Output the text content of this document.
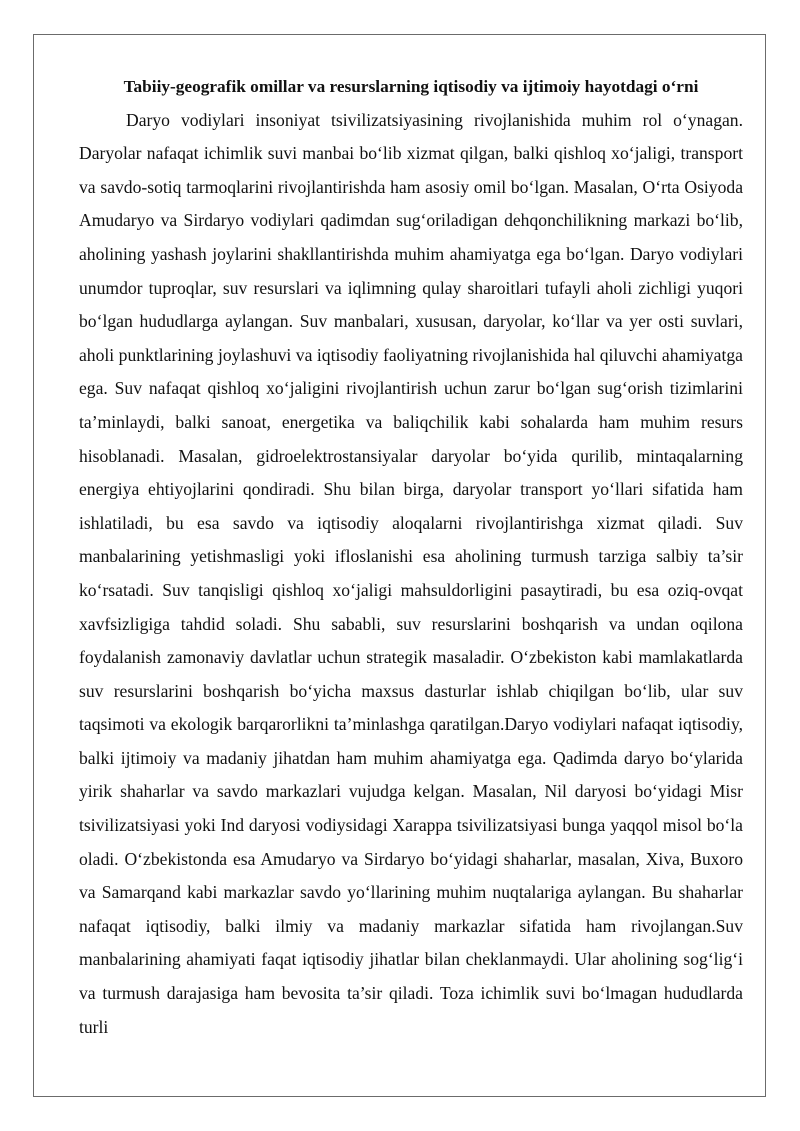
Tabiiy-geografik omillar va resurslarning iqtisodiy va ijtimoiy hayotdagi o‘rni

Daryo vodiylari insoniyat tsivilizatsiyasining rivojlanishida muhim rol o‘ynagan. Daryolar nafaqat ichimlik suvi manbai bo‘lib xizmat qilgan, balki qishloq xo‘jaligi, transport va savdo-sotiq tarmoqlarini rivojlantirishda ham asosiy omil bo‘lgan. Masalan, O‘rta Osiyoda Amudaryo va Sirdaryo vodiylari qadimdan sug‘oriladigan dehqonchilikning markazi bo‘lib, aholining yashash joylarini shakllantirishda muhim ahamiyatga ega bo‘lgan. Daryo vodiylari unumdor tuproqlar, suv resurslari va iqlimning qulay sharoitlari tufayli aholi zichligi yuqori bo‘lgan hududlarga aylangan. Suv manbalari, xususan, daryolar, ko‘llar va yer osti suvlari, aholi punktlarining joylashuvi va iqtisodiy faoliyatning rivojlanishida hal qiluvchi ahamiyatga ega. Suv nafaqat qishloq xo‘jaligini rivojlantirish uchun zarur bo‘lgan sug‘orish tizimlarini ta’minlaydi, balki sanoat, energetika va baliqchilik kabi sohalarda ham muhim resurs hisoblanadi. Masalan, gidroelektrostansiyalar daryolar bo‘yida qurilib, mintaqalarning energiya ehtiyojlarini qondiradi. Shu bilan birga, daryolar transport yo‘llari sifatida ham ishlatiladi, bu esa savdo va iqtisodiy aloqalarni rivojlantirishga xizmat qiladi. Suv manbalarining yetishmasligi yoki ifloslanishi esa aholining turmush tarziga salbiy ta’sir ko‘rsatadi. Suv tanqisligi qishloq xo‘jaligi mahsuldorligini pasaytiradi, bu esa oziq-ovqat xavfsizligiga tahdid soladi. Shu sababli, suv resurslarini boshqarish va undan oqilona foydalanish zamonaviy davlatlar uchun strategik masaladir. O‘zbekiston kabi mamlakatlarda suv resurslarini boshqarish bo‘yicha maxsus dasturlar ishlab chiqilgan bo‘lib, ular suv taqsimoti va ekologik barqarorlikni ta’minlashga qaratilgan.Daryo vodiylari nafaqat iqtisodiy, balki ijtimoiy va madaniy jihatdan ham muhim ahamiyatga ega. Qadimda daryo bo‘ylarida yirik shaharlar va savdo markazlari vujudga kelgan. Masalan, Nil daryosi bo‘yidagi Misr tsivilizatsiyasi yoki Ind daryosi vodiysidagi Xarappa tsivilizatsiyasi bunga yaqqol misol bo‘la oladi. O‘zbekistonda esa Amudaryo va Sirdaryo bo‘yidagi shaharlar, masalan, Xiva, Buxoro va Samarqand kabi markazlar savdo yo‘llarining muhim nuqtalariga aylangan. Bu shaharlar nafaqat iqtisodiy, balki ilmiy va madaniy markazlar sifatida ham rivojlangan.Suv manbalarining ahamiyati faqat iqtisodiy jihatlar bilan cheklanmaydi. Ular aholining sog‘lig‘i va turmush darajasiga ham bevosita ta’sir qiladi. Toza ichimlik suvi bo‘lmagan hududlarda turli
